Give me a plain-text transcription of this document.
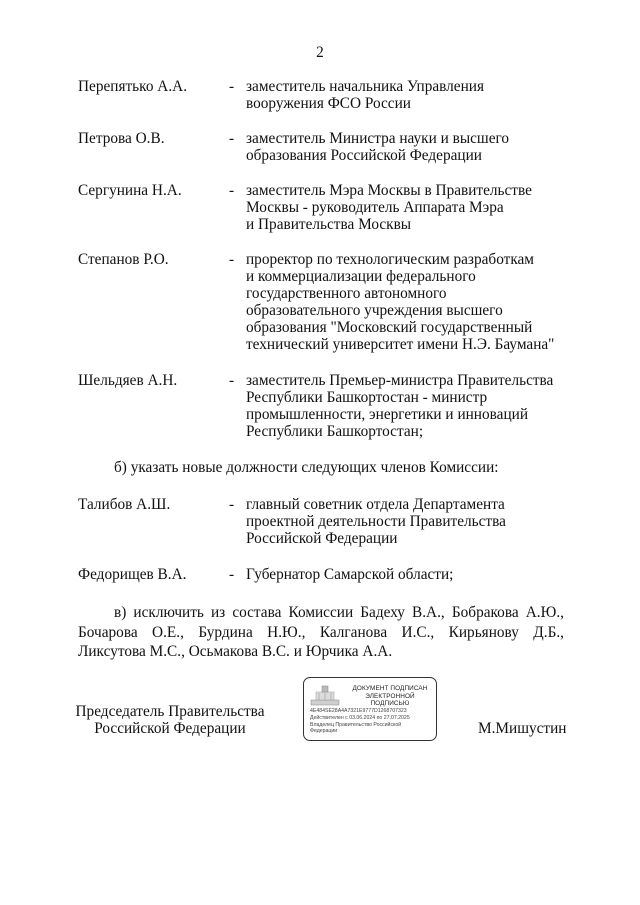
2
Перепятько А.А.	- заместитель начальника Управления
вооружения ФСО России
Петрова О.В.	- заместитель Министра науки и высшего
образования Российской Федерации
Сергунина Н.А.	- заместитель Мэра Москвы в Правительстве
Москвы - руководитель Аппарата Мэра
и Правительства Москвы
Степанов Р.О.	- проректор по технологическим разработкам
и коммерциализации федерального
государственного автономного
образовательного учреждения высшего
образования "Московский государственный
технический университет имени Н.Э. Баумана"
Шельдяев А.Н.	- заместитель Премьер-министра Правительства
Республики Башкортостан - министр
промышленности, энергетики и инноваций
Республики Башкортостан;
б) указать новые должности следующих членов Комиссии:
Талибов А.Ш.	- главный советник отдела Департамента
проектной деятельности Правительства
Российской Федерации
Федорищев В.А.	- Губернатор Самарской области;
в) исключить из состава Комиссии Бадеху В.А., Бобракова А.Ю.,
Бочарова О.Е., Бурдина Н.Ю., Калганова И.С., Кирьянову Д.Б.,
Ликсутова М.С., Осьмакова В.С. и Юрчика А.А.
Председатель Правительства
Российской Федерации	М.Мишустин
ДОКУМЕНТ ПОДПИСАН
ЭЛЕКТРОННОЙ ПОДПИСЬЮ
4E484SE28A4A7321E9777D1268707323
Действителен с 03.06.2024 по 27.07.2025
Владелец Правительство Российской
Федерации
